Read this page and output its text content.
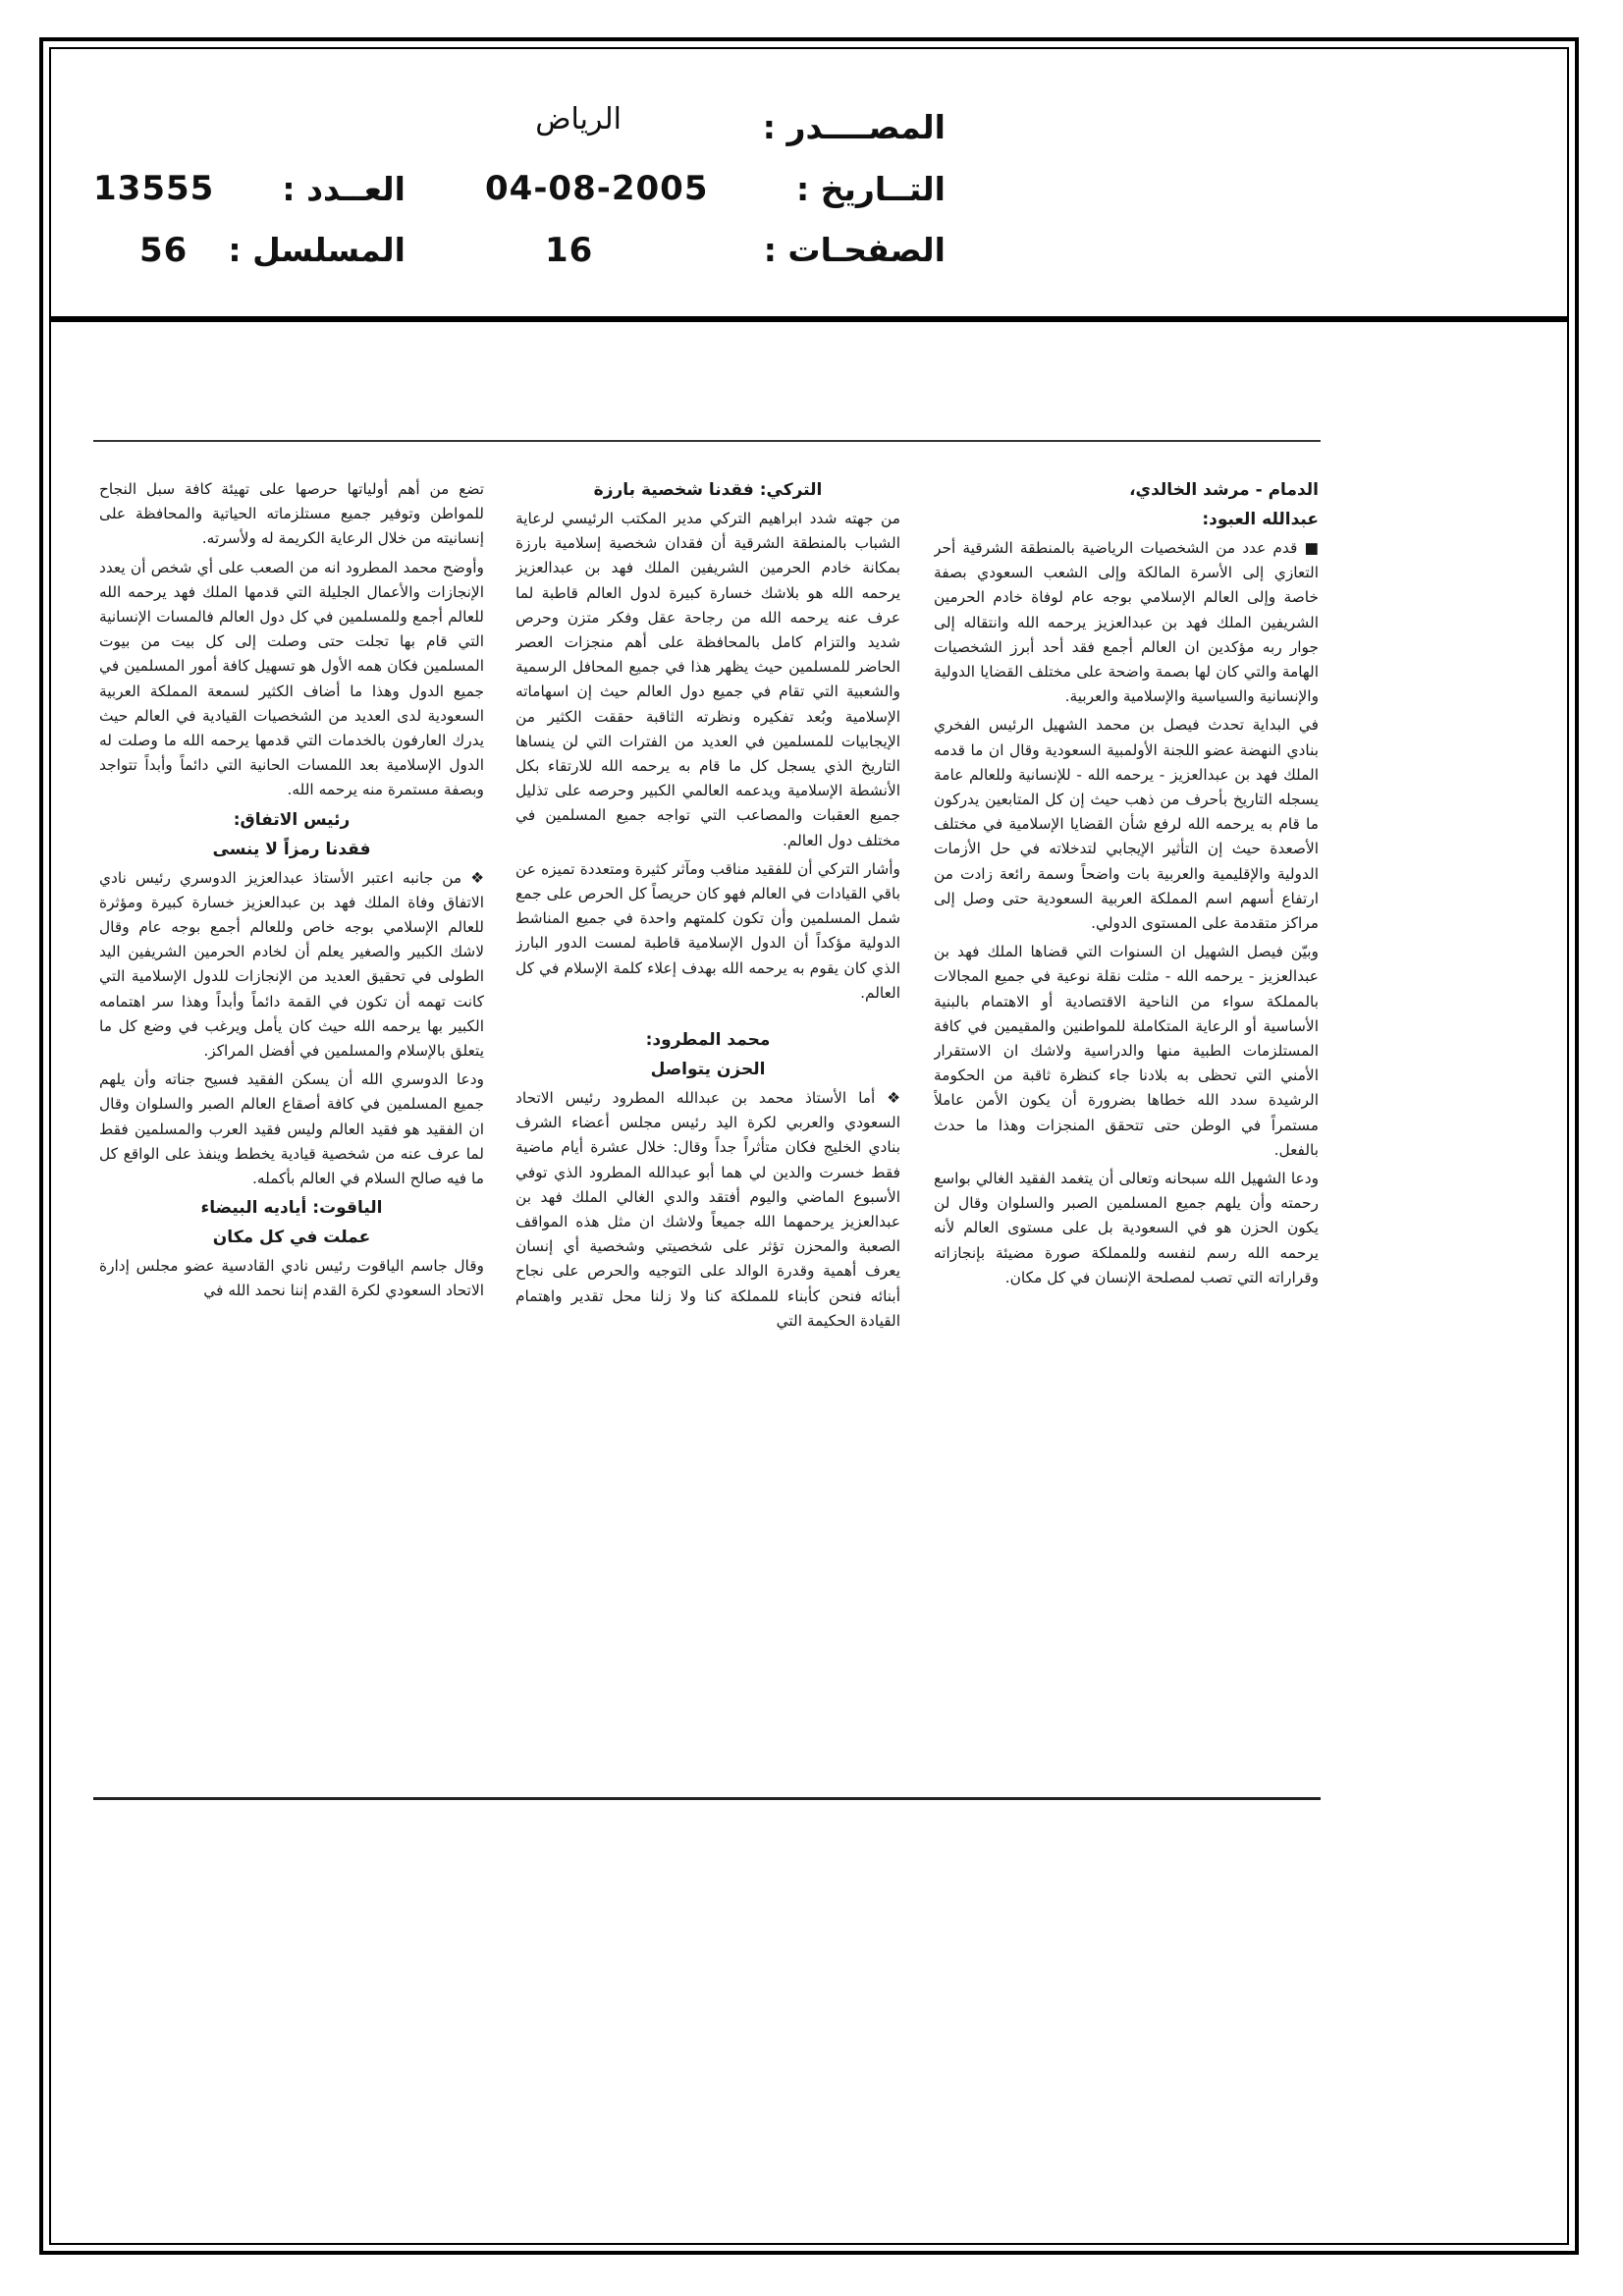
المصــــدر :
الرياض
التــاريخ :
04-08-2005
الصفحـات :
16
العــدد :
13555
المسلسل :
56

الدمام - مرشد الخالدي،

عبدالله العبود:

■ قدم عدد من الشخصيات الرياضية بالمنطقة الشرقية أحر التعازي إلى الأسرة المالكة وإلى الشعب السعودي بصفة خاصة وإلى العالم الإسلامي بوجه عام لوفاة خادم الحرمين الشريفين الملك فهد بن عبدالعزيز يرحمه الله وانتقاله إلى جوار ربه مؤكدين ان العالم أجمع فقد أحد أبرز الشخصيات الهامة والتي كان لها بصمة واضحة على مختلف القضايا الدولية والإنسانية والسياسية والإسلامية والعربية.

في البداية تحدث فيصل بن محمد الشهيل الرئيس الفخري بنادي النهضة عضو اللجنة الأولمبية السعودية وقال ان ما قدمه الملك فهد بن عبدالعزيز - يرحمه الله - للإنسانية وللعالم عامة يسجله التاريخ بأحرف من ذهب حيث إن كل المتابعين يدركون ما قام به يرحمه الله لرفع شأن القضايا الإسلامية في مختلف الأصعدة حيث إن التأثير الإيجابي لتدخلاته في حل الأزمات الدولية والإقليمية والعربية بات واضحاً وسمة رائعة زادت من ارتفاع أسهم اسم المملكة العربية السعودية حتى وصل إلى مراكز متقدمة على المستوى الدولي.

وبيّن فيصل الشهيل ان السنوات التي قضاها الملك فهد بن عبدالعزيز - يرحمه الله - مثلت نقلة نوعية في جميع المجالات بالمملكة سواء من الناحية الاقتصادية أو الاهتمام بالبنية الأساسية أو الرعاية المتكاملة للمواطنين والمقيمين في كافة المستلزمات الطبية منها والدراسية ولاشك ان الاستقرار الأمني التي تحظى به بلادنا جاء كنظرة ثاقبة من الحكومة الرشيدة سدد الله خطاها بضرورة أن يكون الأمن عاملاً مستمراً في الوطن حتى تتحقق المنجزات وهذا ما حدث بالفعل.

ودعا الشهيل الله سبحانه وتعالى أن يتغمد الفقيد الغالي بواسع رحمته وأن يلهم جميع المسلمين الصبر والسلوان وقال لن يكون الحزن هو في السعودية بل على مستوى العالم لأنه يرحمه الله رسم لنفسه وللمملكة صورة مضيئة بإنجازاته وقراراته التي تصب لمصلحة الإنسان في كل مكان.

التركي: فقدنا شخصية بارزة

من جهته شدد ابراهيم التركي مدير المكتب الرئيسي لرعاية الشباب بالمنطقة الشرقية أن فقدان شخصية إسلامية بارزة بمكانة خادم الحرمين الشريفين الملك فهد بن عبدالعزيز يرحمه الله هو بلاشك خسارة كبيرة لدول العالم قاطبة لما عرف عنه يرحمه الله من رجاحة عقل وفكر متزن وحرص شديد والتزام كامل بالمحافظة على أهم منجزات العصر الحاضر للمسلمين حيث يظهر هذا في جميع المحافل الرسمية والشعبية التي تقام في جميع دول العالم حيث إن اسهاماته الإسلامية وبُعد تفكيره ونظرته الثاقبة حققت الكثير من الإيجابيات للمسلمين في العديد من الفترات التي لن ينساها التاريخ الذي يسجل كل ما قام به يرحمه الله للارتقاء بكل الأنشطة الإسلامية ويدعمه العالمي الكبير وحرصه على تذليل جميع العقبات والمصاعب التي تواجه جميع المسلمين في مختلف دول العالم.

وأشار التركي أن للفقيد مناقب ومآثر كثيرة ومتعددة تميزه عن باقي القيادات في العالم فهو كان حريصاً كل الحرص على جمع شمل المسلمين وأن تكون كلمتهم واحدة في جميع المناشط الدولية مؤكداً أن الدول الإسلامية قاطبة لمست الدور البارز الذي كان يقوم به يرحمه الله بهدف إعلاء كلمة الإسلام في كل العالم.

محمد المطرود:

الحزن يتواصل

❖ أما الأستاذ محمد بن عبدالله المطرود رئيس الاتحاد السعودي والعربي لكرة اليد رئيس مجلس أعضاء الشرف بنادي الخليج فكان متأثراً جداً وقال: خلال عشرة أيام ماضية فقط خسرت والدين لي هما أبو عبدالله المطرود الذي توفي الأسبوع الماضي واليوم أفتقد والدي الغالي الملك فهد بن عبدالعزيز يرحمهما الله جميعاً ولاشك ان مثل هذه المواقف الصعبة والمحزن تؤثر على شخصيتي وشخصية أي إنسان يعرف أهمية وقدرة الوالد على التوجيه والحرص على نجاح أبنائه فنحن كأبناء للمملكة كنا ولا زلنا محل تقدير واهتمام القيادة الحكيمة التي

تضع من أهم أولياتها حرصها على تهيئة كافة سبل النجاح للمواطن وتوفير جميع مستلزماته الحياتية والمحافظة على إنسانيته من خلال الرعاية الكريمة له ولأسرته.

وأوضح محمد المطرود انه من الصعب على أي شخص أن يعدد الإنجازات والأعمال الجليلة التي قدمها الملك فهد يرحمه الله للعالم أجمع وللمسلمين في كل دول العالم فالمسات الإنسانية التي قام بها تجلت حتى وصلت إلى كل بيت من بيوت المسلمين فكان همه الأول هو تسهيل كافة أمور المسلمين في جميع الدول وهذا ما أضاف الكثير لسمعة المملكة العربية السعودية لدى العديد من الشخصيات القيادية في العالم حيث يدرك العارفون بالخدمات التي قدمها يرحمه الله ما وصلت له الدول الإسلامية بعد اللمسات الحانية التي دائماً وأبداً تتواجد وبصفة مستمرة منه يرحمه الله.

رئيس الاتفاق:

فقدنا رمزاً لا ينسى

❖ من جانبه اعتبر الأستاذ عبدالعزيز الدوسري رئيس نادي الاتفاق وفاة الملك فهد بن عبدالعزيز خسارة كبيرة ومؤثرة للعالم الإسلامي بوجه خاص وللعالم أجمع بوجه عام وقال لاشك الكبير والصغير يعلم أن لخادم الحرمين الشريفين اليد الطولى في تحقيق العديد من الإنجازات للدول الإسلامية التي كانت تهمه أن تكون في القمة دائماً وأبداً وهذا سر اهتمامه الكبير بها يرحمه الله حيث كان يأمل ويرغب في وضع كل ما يتعلق بالإسلام والمسلمين في أفضل المراكز.

ودعا الدوسري الله أن يسكن الفقيد فسيح جناته وأن يلهم جميع المسلمين في كافة أصقاع العالم الصبر والسلوان وقال ان الفقيد هو فقيد العالم وليس فقيد العرب والمسلمين فقط لما عرف عنه من شخصية قيادية يخطط وينفذ على الواقع كل ما فيه صالح السلام في العالم بأكمله.

الياقوت: أياديه البيضاء

عملت في كل مكان

وقال جاسم الياقوت رئيس نادي القادسية عضو مجلس إدارة الاتحاد السعودي لكرة القدم إننا نحمد الله في
